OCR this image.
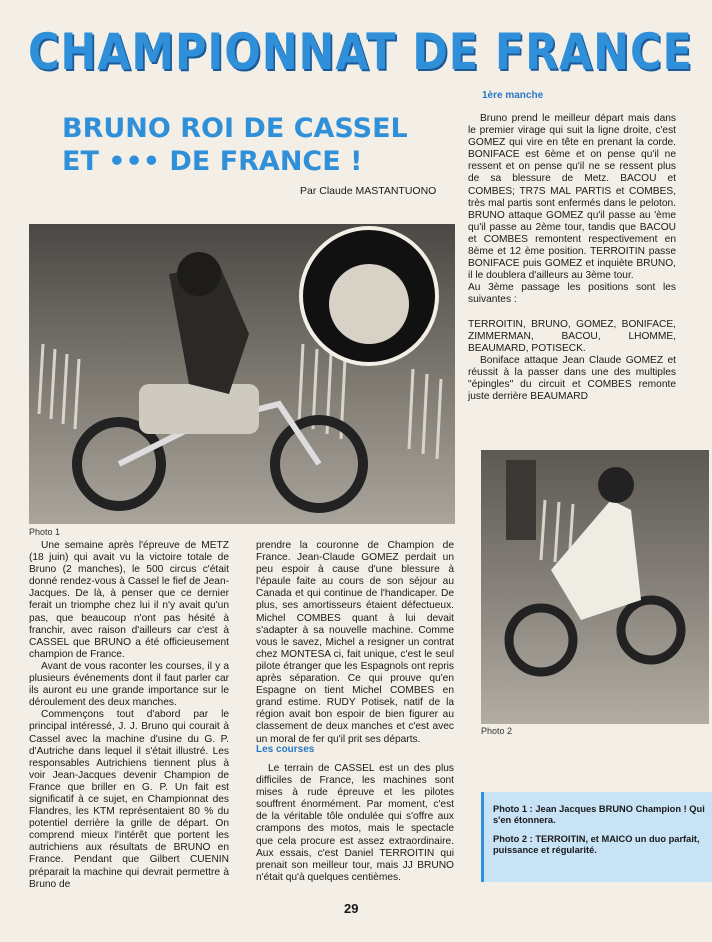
CHAMPIONNAT DE FRANCE
BRUNO ROI DE CASSEL
ET ••• DE FRANCE !
Par Claude MASTANTUONO
1ère manche

Bruno prend le meilleur départ mais dans le premier virage qui suit la ligne droite, c'est GOMEZ qui vire en tête en prenant la corde. BONIFACE est 6ème et on pense qu'il ne ressent et on pense qu'il ne se ressent plus de sa blessure de Metz. BACOU et COMBES; TR7S MAL PARTIS et COMBES, très mal partis sont enfermés dans le peloton. BRUNO attaque GOMEZ qu'il passe au 'ème qu'il passe au 2ème tour, tandis que BACOU et COMBES remontent respectivement en 8ème et 12 ème position. TERROITIN passe BONIFACE puis GOMEZ et inquiète BRUNO, il le doublera d'ailleurs au 3ème tour.

Au 3ème passage les positions sont les suivantes :

TERROITIN, BRUNO, GOMEZ, BONIFACE, ZIMMERMAN, BACOU, LHOMME, BEAUMARD, POTISECK.

Boniface attaque Jean Claude GOMEZ et réussit à la passer dans une des multiples "épingles" du circuit et COMBES remonte juste derrière BEAUMARD

Photo 1

Une semaine après l'épreuve de METZ (18 juin) qui avait vu la victoire totale de Bruno (2 manches), le 500 circus c'était donné rendez-vous à Cassel le fief de Jean-Jacques. De là, à penser que ce dernier ferait un triomphe chez lui il n'y avait qu'un pas, que beaucoup n'ont pas hésité à franchir, avec raison d'ailleurs car c'est à CASSEL que BRUNO a été officieusement champion de France.

Avant de vous raconter les courses, il y a plusieurs événements dont il faut parler car ils auront eu une grande importance sur le déroulement des deux manches.

Commençons tout d'abord par le principal intéressé, J. J. Bruno qui courait à Cassel avec la machine d'usine du G. P. d'Autriche dans lequel il s'était illustré. Les responsables Autrichiens tiennent plus à voir Jean-Jacques devenir Champion de France que briller en G. P. Un fait est significatif à ce sujet, en Championnat des Flandres, les KTM représentaient 80 % du potentiel derrière la grille de départ. On comprend mieux l'intérêt que portent les autrichiens aux résultats de BRUNO en France. Pendant que Gilbert CUENIN préparait la machine qui devrait permettre à Bruno de

prendre la couronne de Champion de France. Jean-Claude GOMEZ perdait un peu espoir à cause d'une blessure à l'épaule faite au cours de son séjour au Canada et qui continue de l'handicaper. De plus, ses amortisseurs étaient défectueux. Michel COMBES quant à lui devait s'adapter à sa nouvelle machine. Comme vous le savez, Michel a resigner un contrat chez MONTESA ci, fait unique, c'est le seul pilote étranger que les Espagnols ont repris après séparation. Ce qui prouve qu'en Espagne on tient Michel COMBES en grand estime. RUDY Potisek, natif de la région avait bon espoir de bien figurer au classement de deux manches et c'est avec un moral de fer qu'il prit ses départs.

Les courses

Le terrain de CASSEL est un des plus difficiles de France, les machines sont mises à rude épreuve et les pilotes souffrent énormément. Par moment, c'est de la véritable tôle ondulée qui s'offre aux crampons des motos, mais le spectacle que cela procure est assez extraordinaire. Aux essais, c'est Daniel TERROITIN qui prenait son meilleur tour, mais JJ BRUNO n'était qu'à quelques centièmes.

Photo 2

Photo 1 : Jean Jacques BRUNO Champion ! Qui s'en étonnera.

Photo 2 : TERROITIN, et MAICO un duo parfait, puissance et régularité.

29
